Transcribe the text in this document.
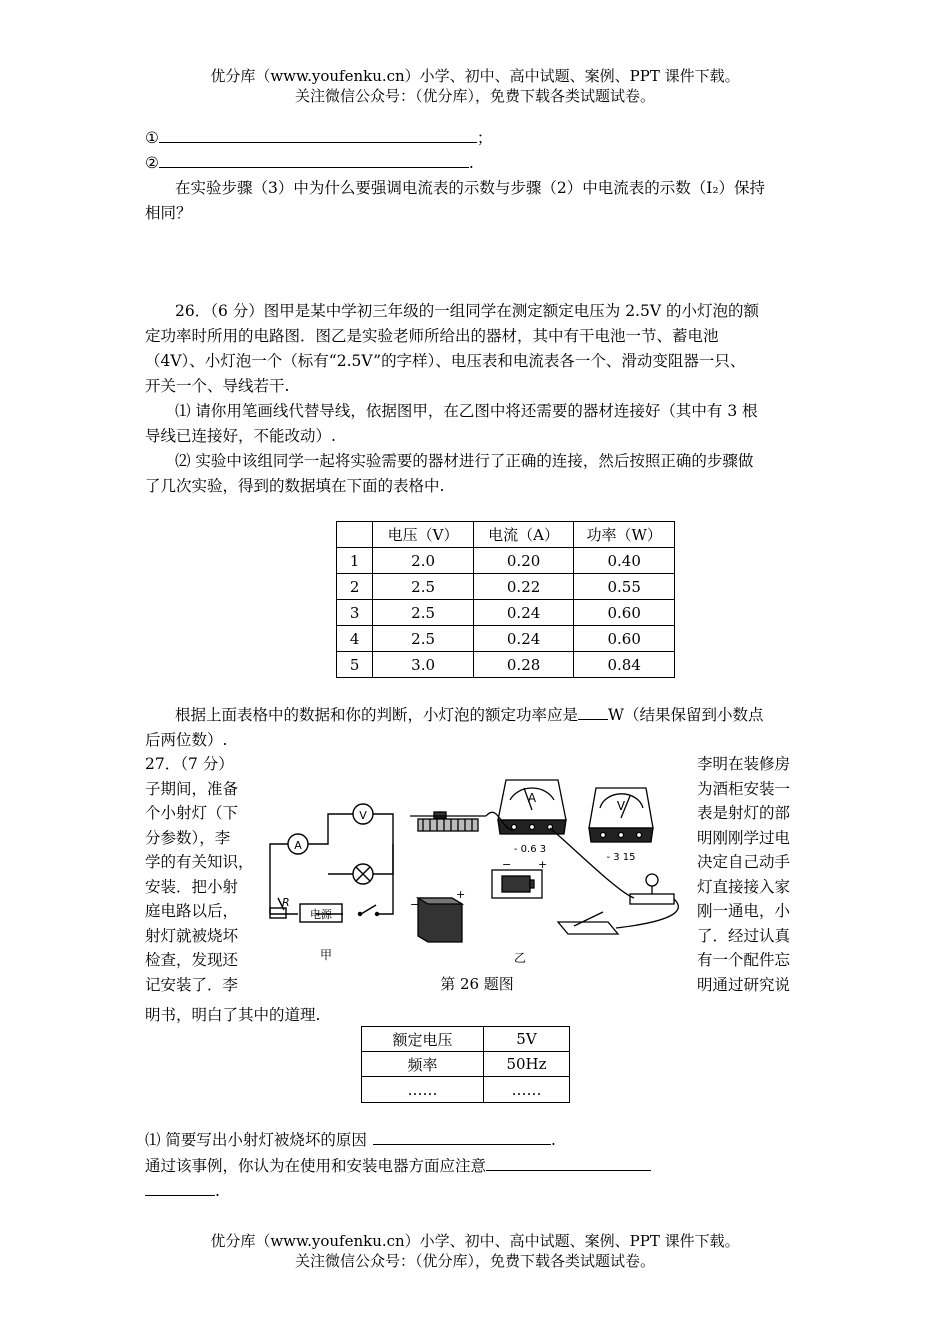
优分库（www.youfenku.cn）小学、初中、高中试题、案例、PPT 课件下载。
关注微信公众号：（优分库），免费下载各类试题试卷。
①	；
②	.
在实验步骤（3）中为什么要强调电流表的示数与步骤（2）中电流表的示数（I₂）保持
相同？
26．（6 分）图甲是某中学初三年级的一组同学在测定额定电压为 2.5V 的小灯泡的额
定功率时所用的电路图．图乙是实验老师所给出的器材，其中有干电池一节、蓄电池
（4V）、小灯泡一个（标有“2.5V”的字样）、电压表和电流表各一个、滑动变阻器一只、
开关一个、导线若干.
⑴ 请你用笔画线代替导线，依据图甲，在乙图中将还需要的器材连接好（其中有 3 根
导线已连接好，不能改动）.
⑵ 实验中该组同学一起将实验需要的器材进行了正确的连接，然后按照正确的步骤做
了几次实验，得到的数据填在下面的表格中.
	电压（V）	电流（A）	功率（W）
1	2.0	0.20	0.40
2	2.5	0.22	0.55
3	2.5	0.24	0.60
4	2.5	0.24	0.60
5	3.0	0.28	0.84
根据上面表格中的数据和你的判断，小灯泡的额定功率应是 W（结果保留到小数点
后两位数）.
27．（7 分）
子期间，准备
个小射灯（下
分参数），李
学的有关知识，
安装．把小射
庭电路以后，
射灯就被烧坏
检查，发现还
记安装了．李
李明在装修房
为酒柜安装一
表是射灯的部
明刚刚学过电
决定自己动手
灯直接接入家
刚一通电，小
了．经过认真
有一个配件忘
明通过研究说
A
V
R
电源
甲
A
V
- 0.6 3
- 3 15
− +
−
+
乙
第 26 题图
明书，明白了其中的道理.
额定电压	5V
频率	50Hz
……	……
⑴ 简要写出小射灯被烧坏的原因	.
通过该事例，你认为在使用和安装电器方面应注意
.
优分库（www.youfenku.cn）小学、初中、高中试题、案例、PPT 课件下载。
关注微信公众号：（优分库），免费下载各类试题试卷。
